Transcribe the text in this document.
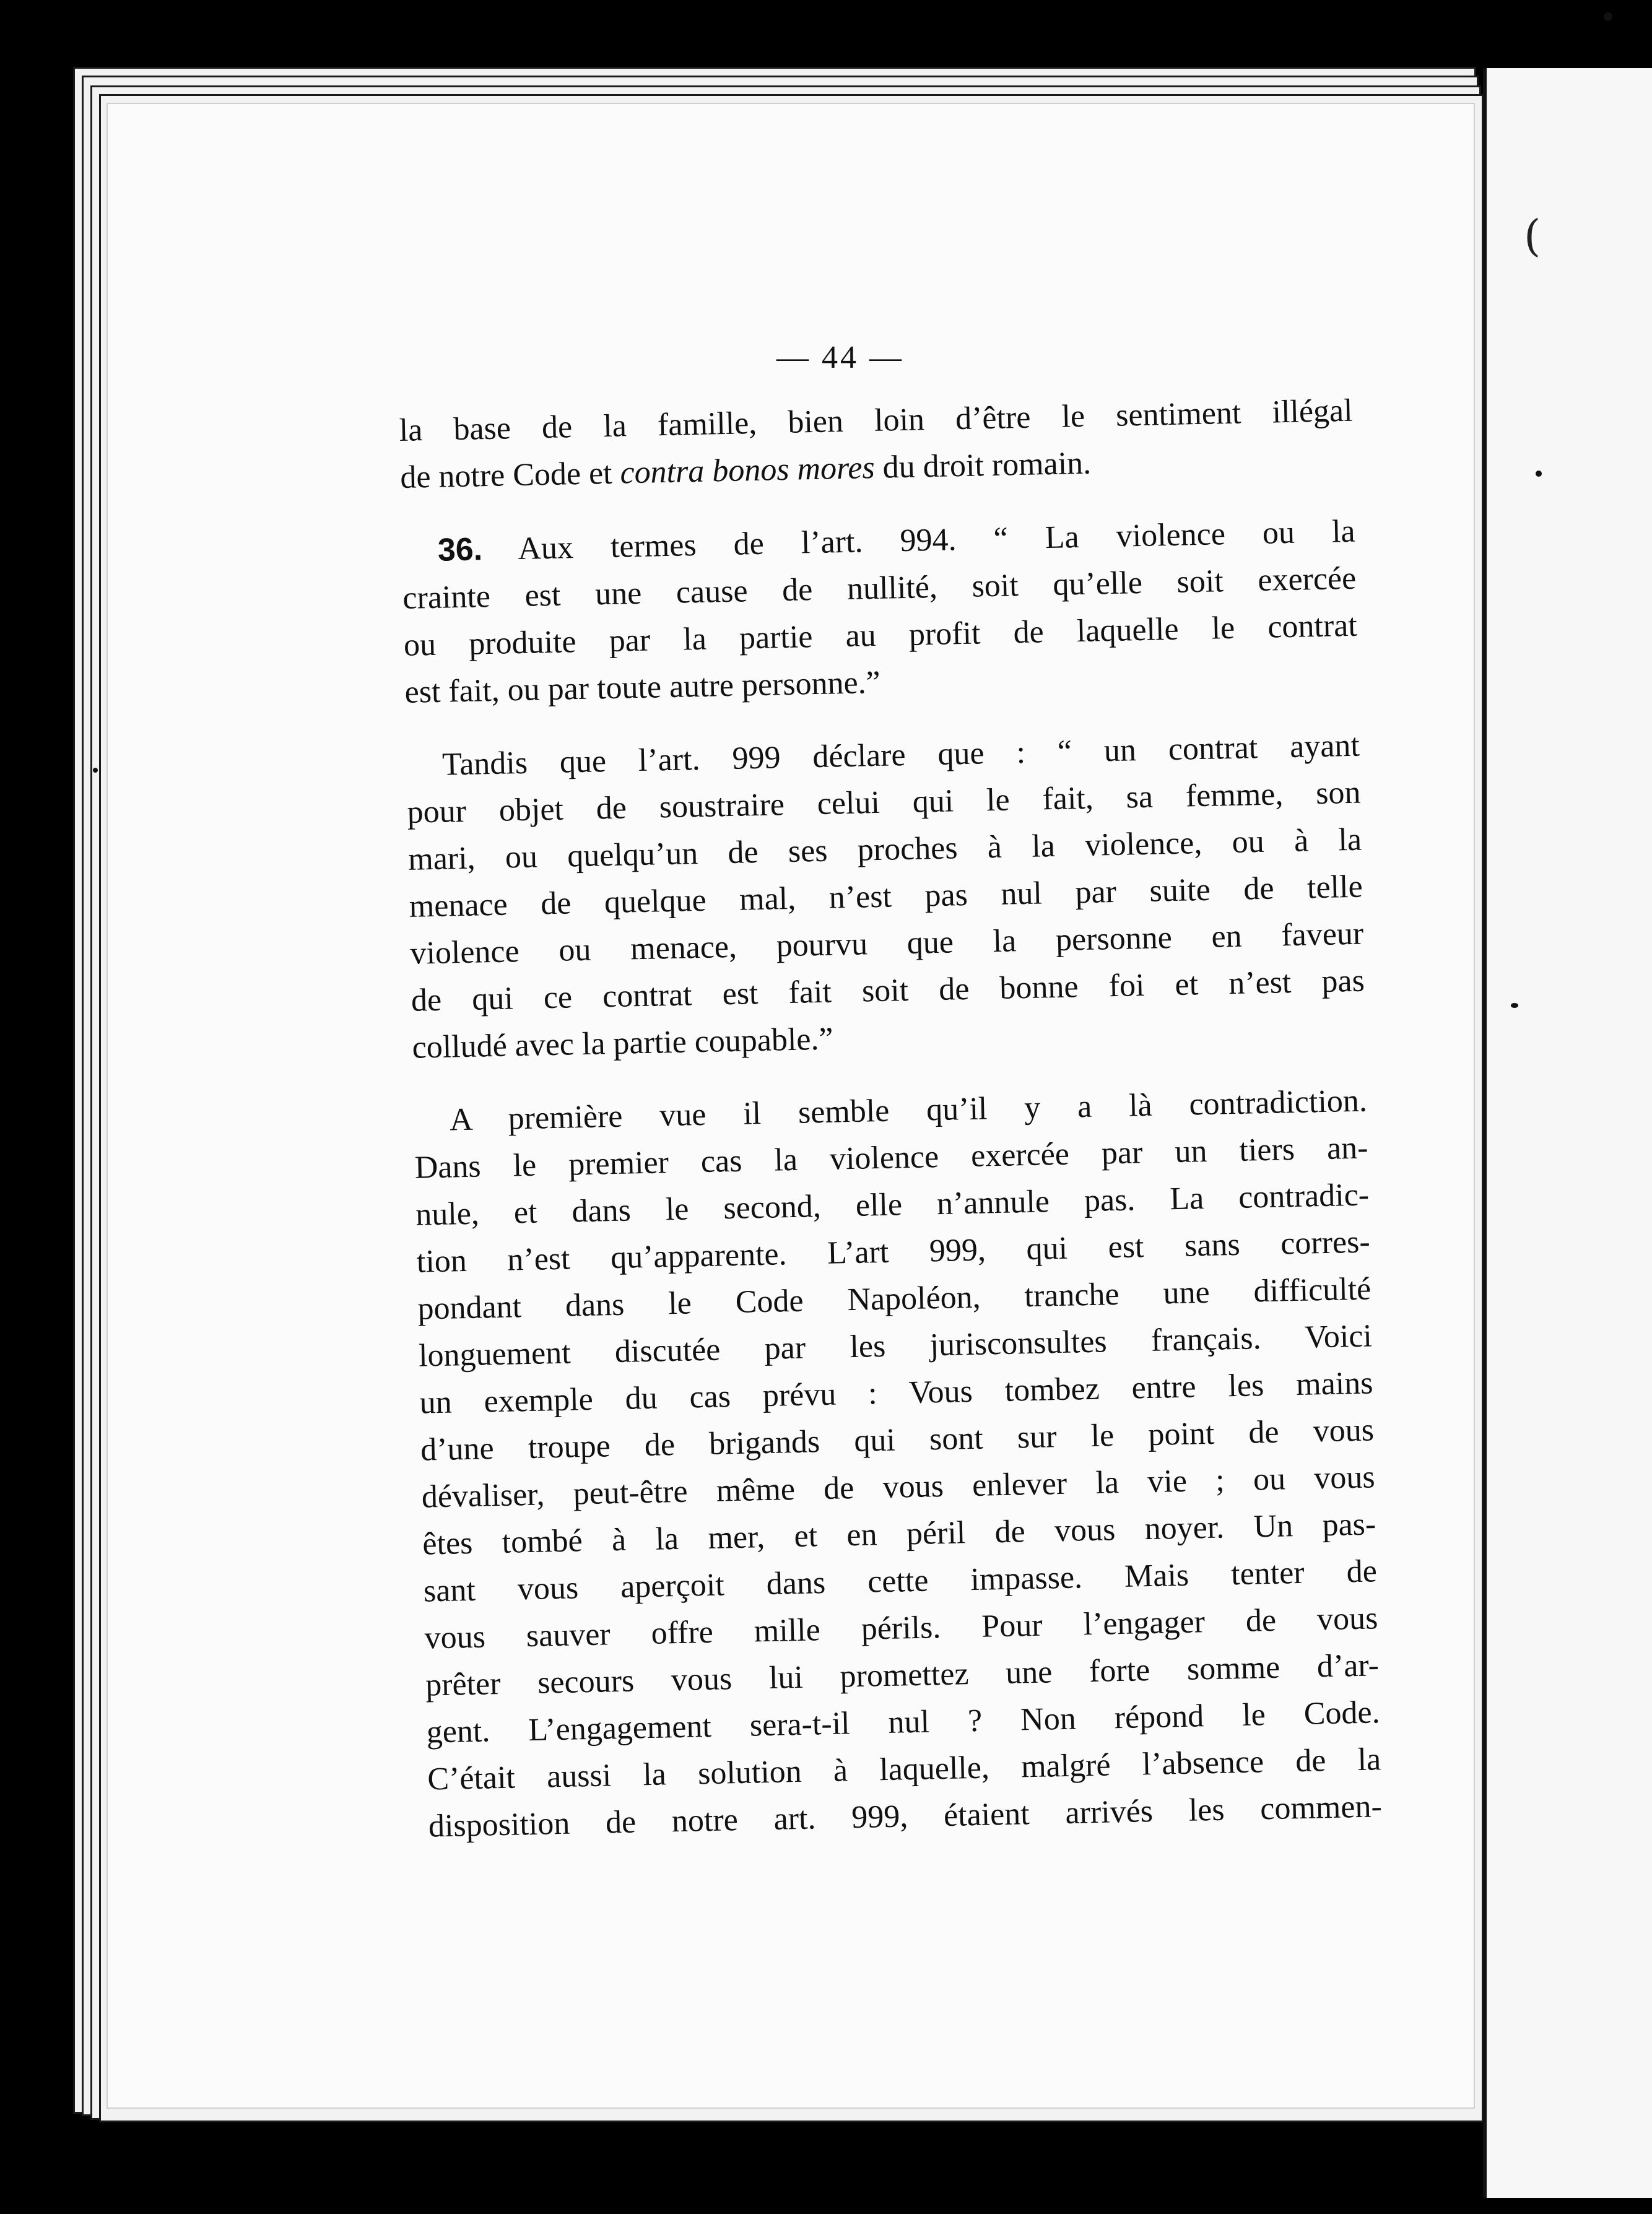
(
— 44 —
la base de la famille, bien loin d’être le sentiment illégal
de notre Code et contra bonos mores du droit romain.
36. Aux termes de l’art. 994. “ La violence ou la
crainte est une cause de nullité, soit qu’elle soit exercée
ou produite par la partie au profit de laquelle le contrat
est fait, ou par toute autre personne.”
Tandis que l’art. 999 déclare que : “ un contrat ayant
pour objet de soustraire celui qui le fait, sa femme, son
mari, ou quelqu’un de ses proches à la violence, ou à la
menace de quelque mal, n’est pas nul par suite de telle
violence ou menace, pourvu que la personne en faveur
de qui ce contrat est fait soit de bonne foi et n’est pas
colludé avec la partie coupable.”
A première vue il semble qu’il y a là contradiction.
Dans le premier cas la violence exercée par un tiers an-
nule, et dans le second, elle n’annule pas. La contradic-
tion n’est qu’apparente. L’art 999, qui est sans corres-
pondant dans le Code Napoléon, tranche une difficulté
longuement discutée par les jurisconsultes français. Voici
un exemple du cas prévu : Vous tombez entre les mains
d’une troupe de brigands qui sont sur le point de vous
dévaliser, peut-être même de vous enlever la vie ; ou vous
êtes tombé à la mer, et en péril de vous noyer. Un pas-
sant vous aperçoit dans cette impasse. Mais tenter de
vous sauver offre mille périls. Pour l’engager de vous
prêter secours vous lui promettez une forte somme d’ar-
gent. L’engagement sera-t-il nul ? Non répond le Code.
C’était aussi la solution à laquelle, malgré l’absence de la
disposition de notre art. 999, étaient arrivés les commen-
